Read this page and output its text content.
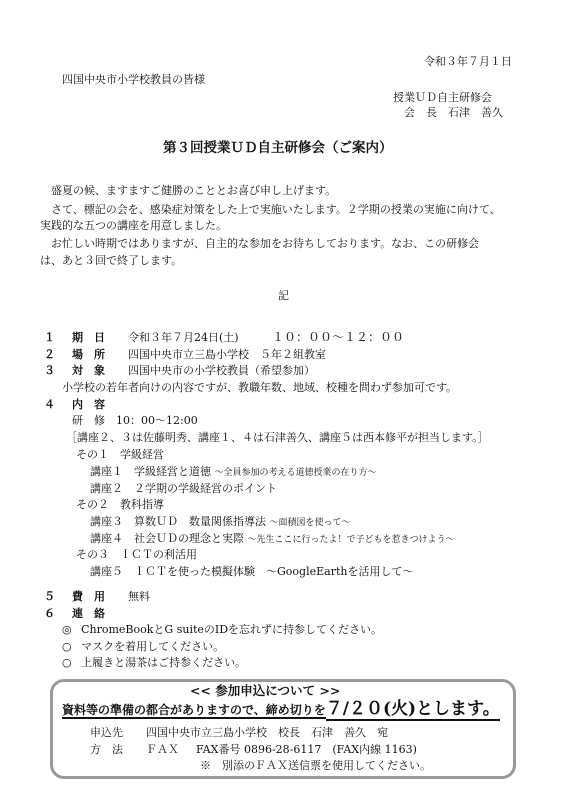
令和３年７月１日
四国中央市小学校教員の皆様
授業ＵＤ自主研修会
会　長　石津　善久
第３回授業ＵＤ自主研修会（ご案内）
　盛夏の候、ますますご健勝のこととお喜び申し上げます。
　さて、標記の会を、感染症対策をした上で実施いたします。２学期の授業の実施に向けて、
実践的な五つの講座を用意しました。
　お忙しい時期ではありますが、自主的な参加をお待ちしております。なお、この研修会
は、あと３回で終了します。
記
１ 期　日 令和３年７月24日(土)	１０：００～１２：００
２ 場　所 四国中央市立三島小学校　５年２組教室
３ 対　象 四国中央市の小学校教員（希望参加）
小学校の若年者向けの内容ですが、教職年数、地域、校種を問わず参加可です。
４ 内　容
研　修　10：00～12:00
［講座２、３は佐藤明秀、講座１、４は石津善久、講座５は西本修平が担当します。］
その１　学級経営
講座１　学級経営と道徳 ～全員参加の考える道徳授業の在り方～
講座２　２学期の学級経営のポイント
その２　教科指導
講座３　算数ＵＤ　数量関係指導法 ～面積図を使って～
講座４　社会ＵＤの理念と実際 ～先生ここに行ったよ！で子どもを惹きつけよう～
その３　ＩＣＴの利活用
講座５　ＩＣＴを使った模擬体験　～GoogleEarthを活用して～
５ 費　用 無料
６ 連　絡
◎ ChromeBookとG suiteのIDを忘れずに持参してください。
○ マスクを着用してください。
○ 上履きと湯茶はご持参ください。
<< 参加申込について >>
資料等の準備の都合がありますので、締め切りを７/２０(火)とします。
申込先 四国中央市立三島小学校　校長　石津　善久　宛
方　法 ＦＡＸ FAX番号 0896-28-6117　(FAX内線 1163)
※　別添のＦＡＸ送信票を使用してください。
